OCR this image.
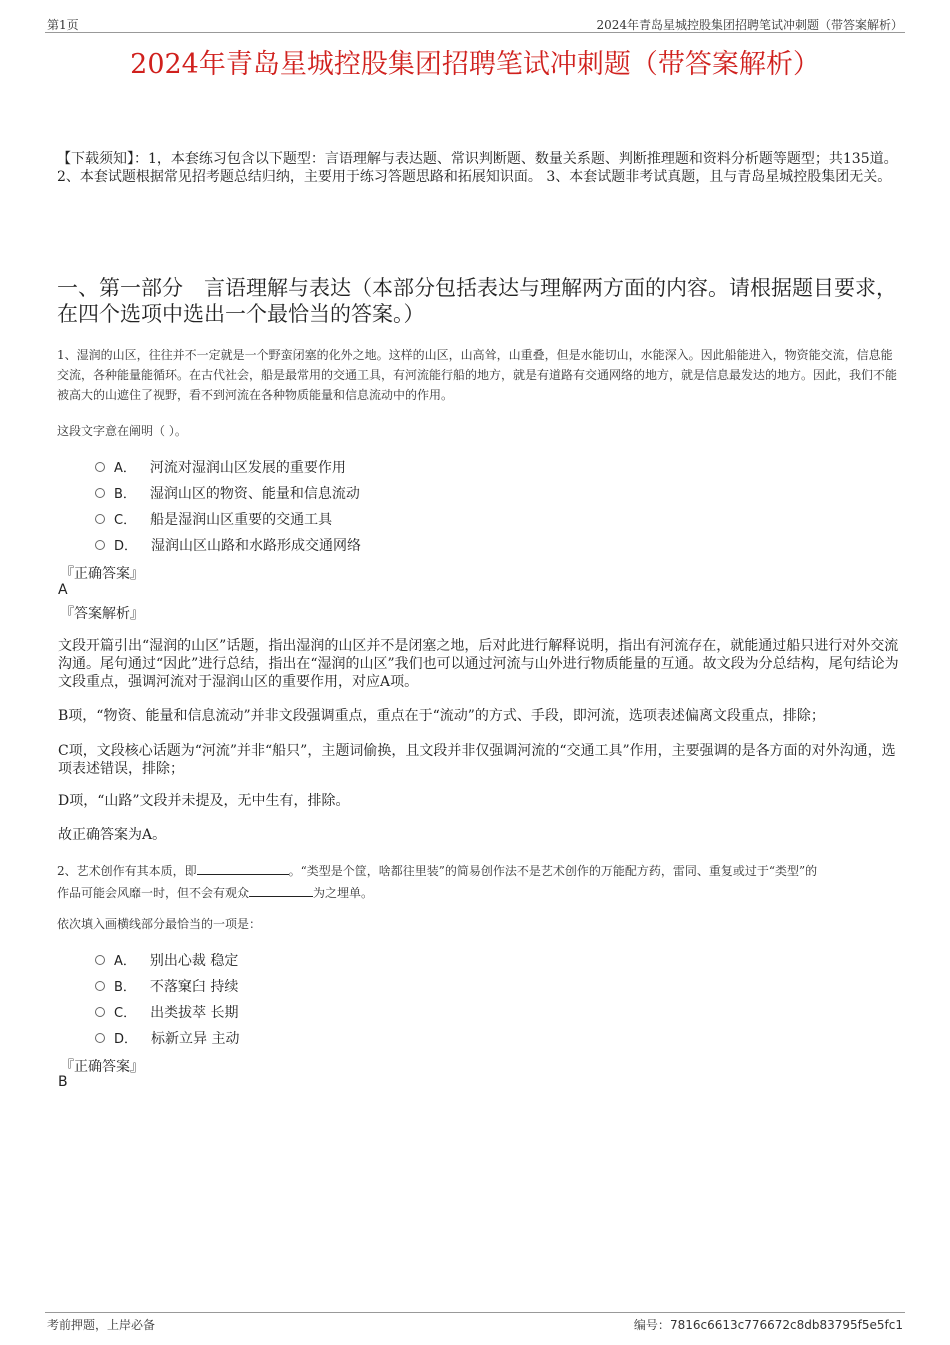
第1页	2024年青岛星城控股集团招聘笔试冲刺题（带答案解析）
2024年青岛星城控股集团招聘笔试冲刺题（带答案解析）
【下载须知】：1，本套练习包含以下题型：言语理解与表达题、常识判断题、数量关系题、判断推理题和资料分析题等题型；共135道。 2、本套试题根据常见招考题总结归纳，主要用于练习答题思路和拓展知识面。 3、本套试题非考试真题，且与青岛星城控股集团无关。
一、第一部分　言语理解与表达（本部分包括表达与理解两方面的内容。请根据题目要求，在四个选项中选出一个最恰当的答案。）
1、湿润的山区，往往并不一定就是一个野蛮闭塞的化外之地。这样的山区，山高耸，山重叠，但是水能切山，水能深入。因此船能进入，物资能交流，信息能交流，各种能量能循环。在古代社会，船是最常用的交通工具，有河流能行船的地方，就是有道路有交通网络的地方，就是信息最发达的地方。因此，我们不能被高大的山遮住了视野，看不到河流在各种物质能量和信息流动中的作用。
这段文字意在阐明（ ）。
A． 河流对湿润山区发展的重要作用
B． 湿润山区的物资、能量和信息流动
C． 船是湿润山区重要的交通工具
D． 湿润山区山路和水路形成交通网络
『正确答案』
A
『答案解析』
文段开篇引出“湿润的山区”话题，指出湿润的山区并不是闭塞之地，后对此进行解释说明，指出有河流存在，就能通过船只进行对外交流沟通。尾句通过“因此”进行总结，指出在“湿润的山区”我们也可以通过河流与山外进行物质能量的互通。故文段为分总结构，尾句结论为文段重点，强调河流对于湿润山区的重要作用，对应A项。
B项，“物资、能量和信息流动”并非文段强调重点，重点在于“流动”的方式、手段，即河流，选项表述偏离文段重点，排除；
C项，文段核心话题为“河流”并非“船只”，主题词偷换，且文段并非仅强调河流的“交通工具”作用，主要强调的是各方面的对外沟通，选项表述错误，排除；
D项，“山路”文段并未提及，无中生有，排除。
故正确答案为A。
2、艺术创作有其本质，即	。“类型是个筐，啥都往里装”的简易创作法不是艺术创作的万能配方药，雷同、重复或过于“类型”的
作品可能会风靡一时，但不会有观众	为之埋单。
依次填入画横线部分最恰当的一项是：
A． 别出心裁 稳定
B． 不落窠臼 持续
C． 出类拔萃 长期
D． 标新立异 主动
『正确答案』
B
考前押题，上岸必备	编号：7816c6613c776672c8db83795f5e5fc1
